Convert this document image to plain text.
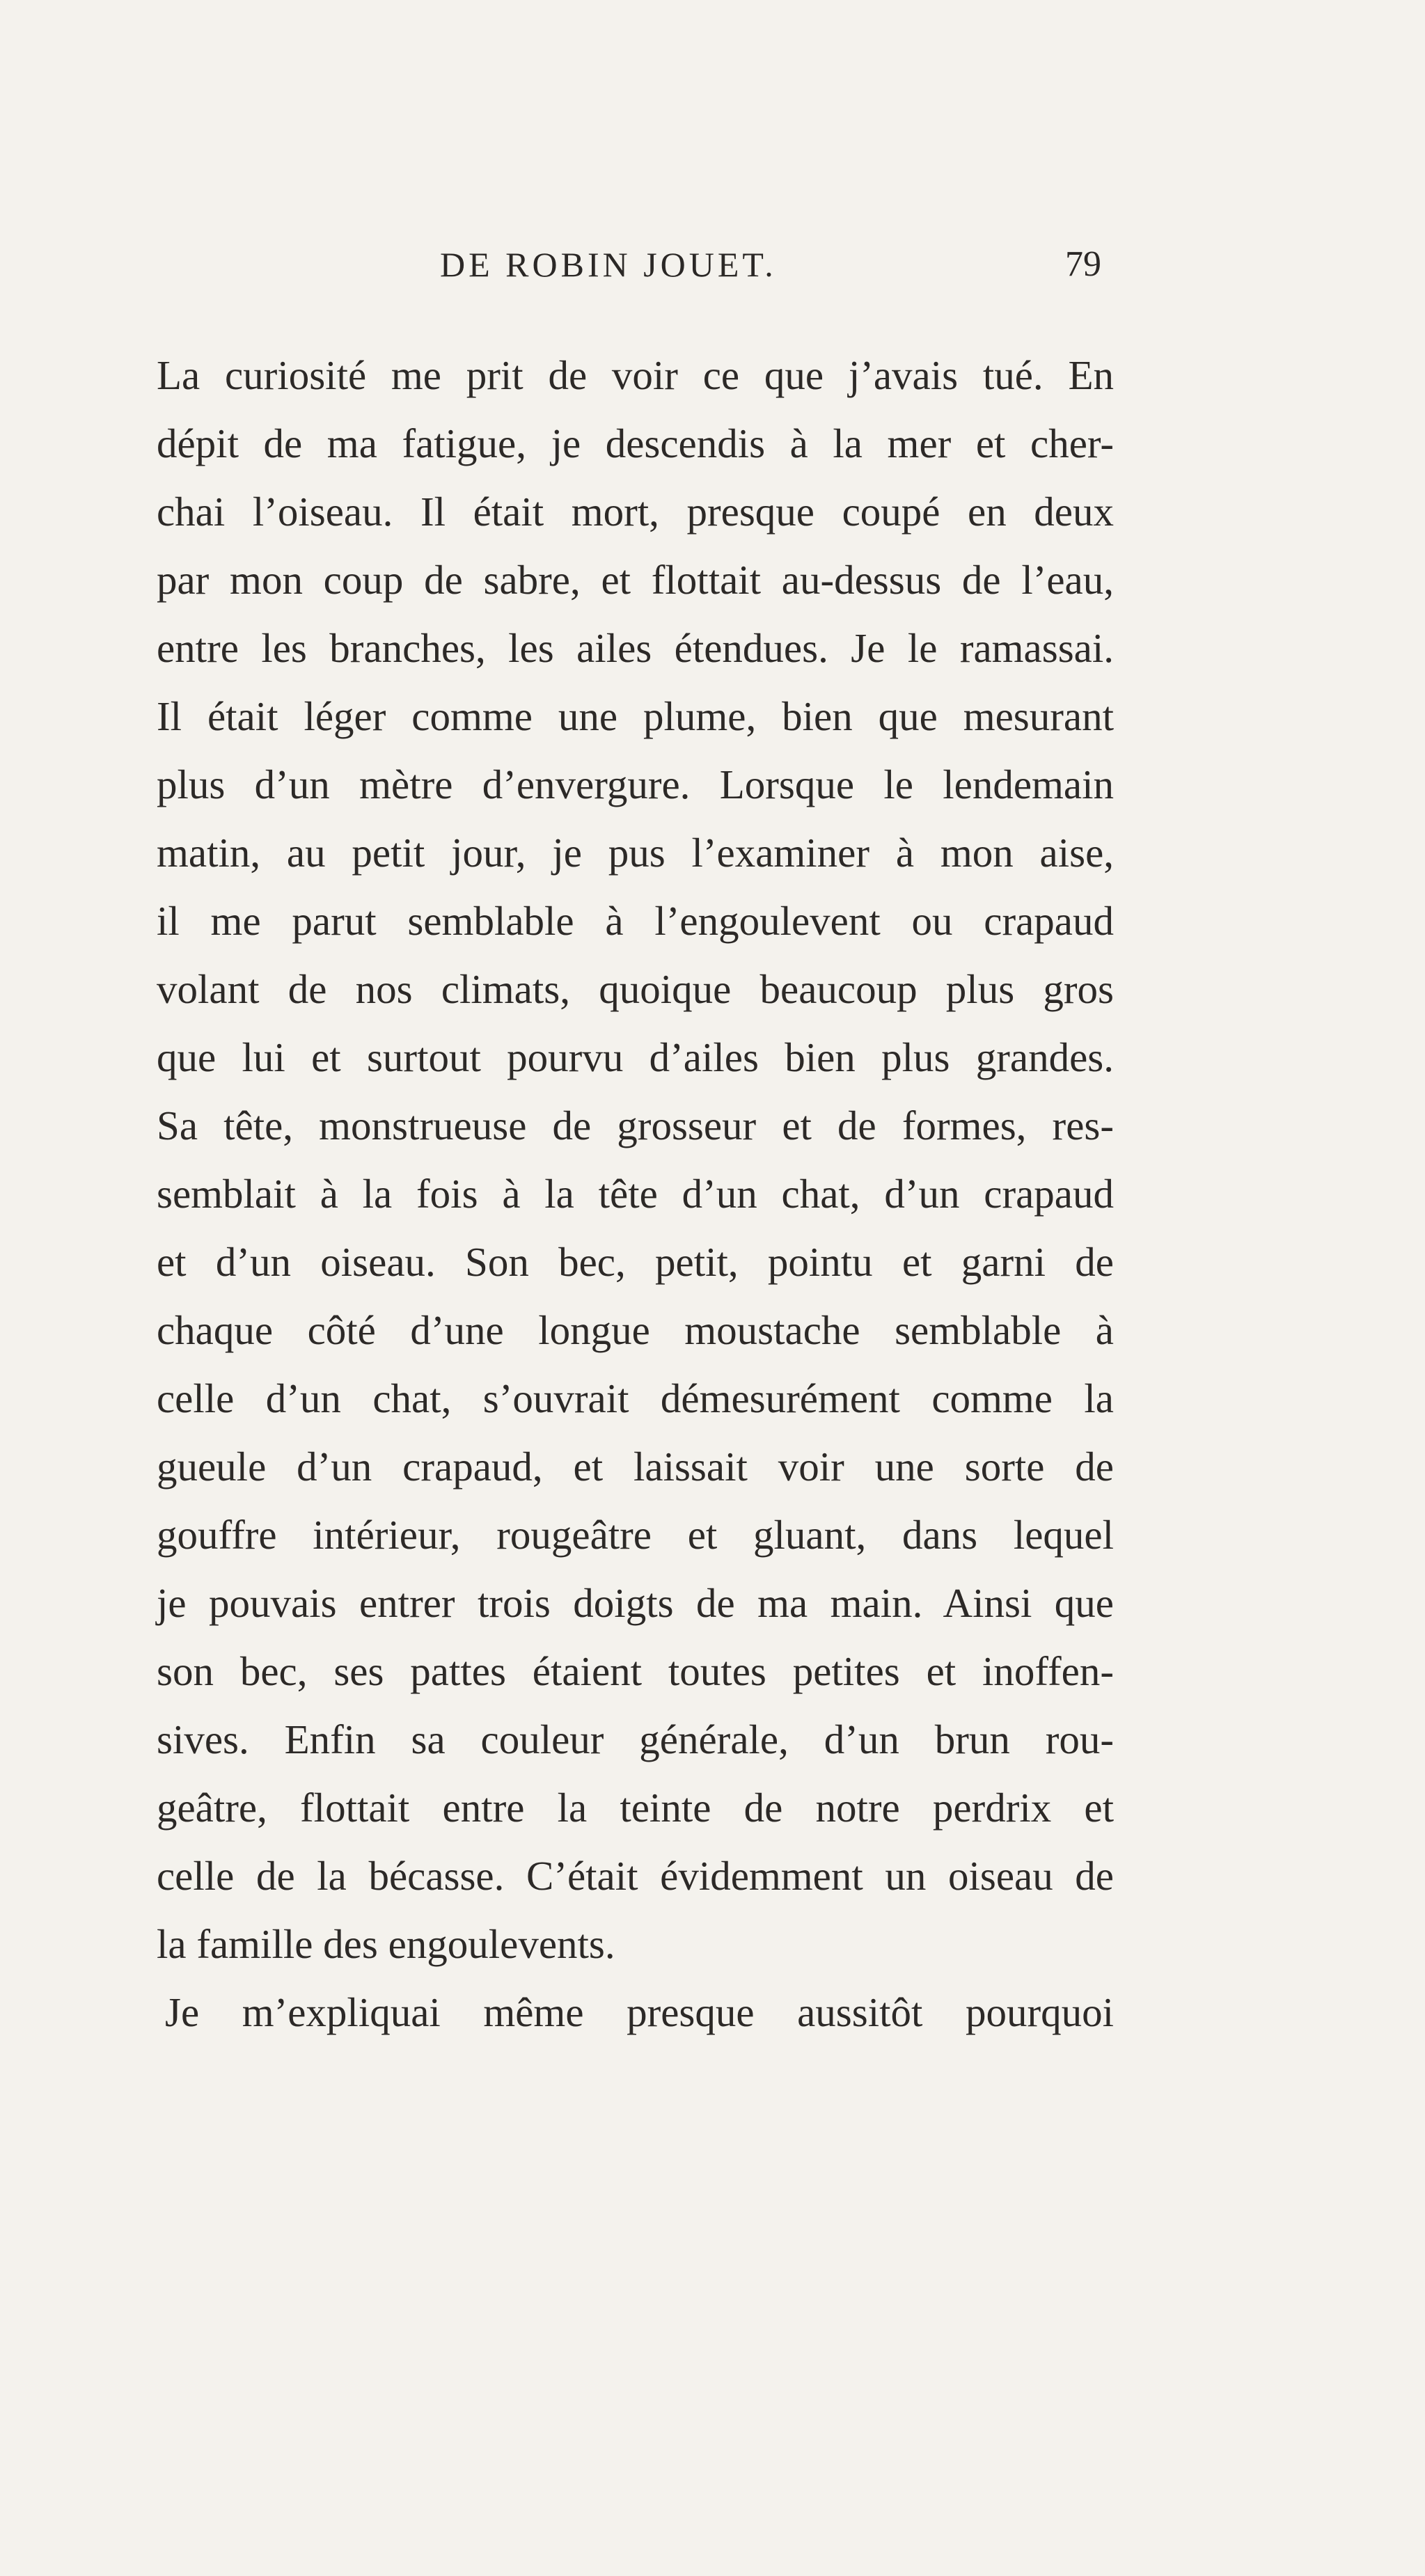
DE ROBIN JOUET.	79
La curiosité me prit de voir ce que j’avais tué. En
dépit de ma fatigue, je descendis à la mer et cher-
chai l’oiseau. Il était mort, presque coupé en deux
par mon coup de sabre, et flottait au-dessus de l’eau,
entre les branches, les ailes étendues. Je le ramassai.
Il était léger comme une plume, bien que mesurant
plus d’un mètre d’envergure. Lorsque le lendemain
matin, au petit jour, je pus l’examiner à mon aise,
il me parut semblable à l’engoulevent ou crapaud
volant de nos climats, quoique beaucoup plus gros
que lui et surtout pourvu d’ailes bien plus grandes.
Sa tête, monstrueuse de grosseur et de formes, res-
semblait à la fois à la tête d’un chat, d’un crapaud
et d’un oiseau. Son bec, petit, pointu et garni de
chaque côté d’une longue moustache semblable à
celle d’un chat, s’ouvrait démesurément comme la
gueule d’un crapaud, et laissait voir une sorte de
gouffre intérieur, rougeâtre et gluant, dans lequel
je pouvais entrer trois doigts de ma main. Ainsi que
son bec, ses pattes étaient toutes petites et inoffen-
sives. Enfin sa couleur générale, d’un brun rou-
geâtre, flottait entre la teinte de notre perdrix et
celle de la bécasse. C’était évidemment un oiseau de
la famille des engoulevents.
Je m’expliquai même presque aussitôt pourquoi
